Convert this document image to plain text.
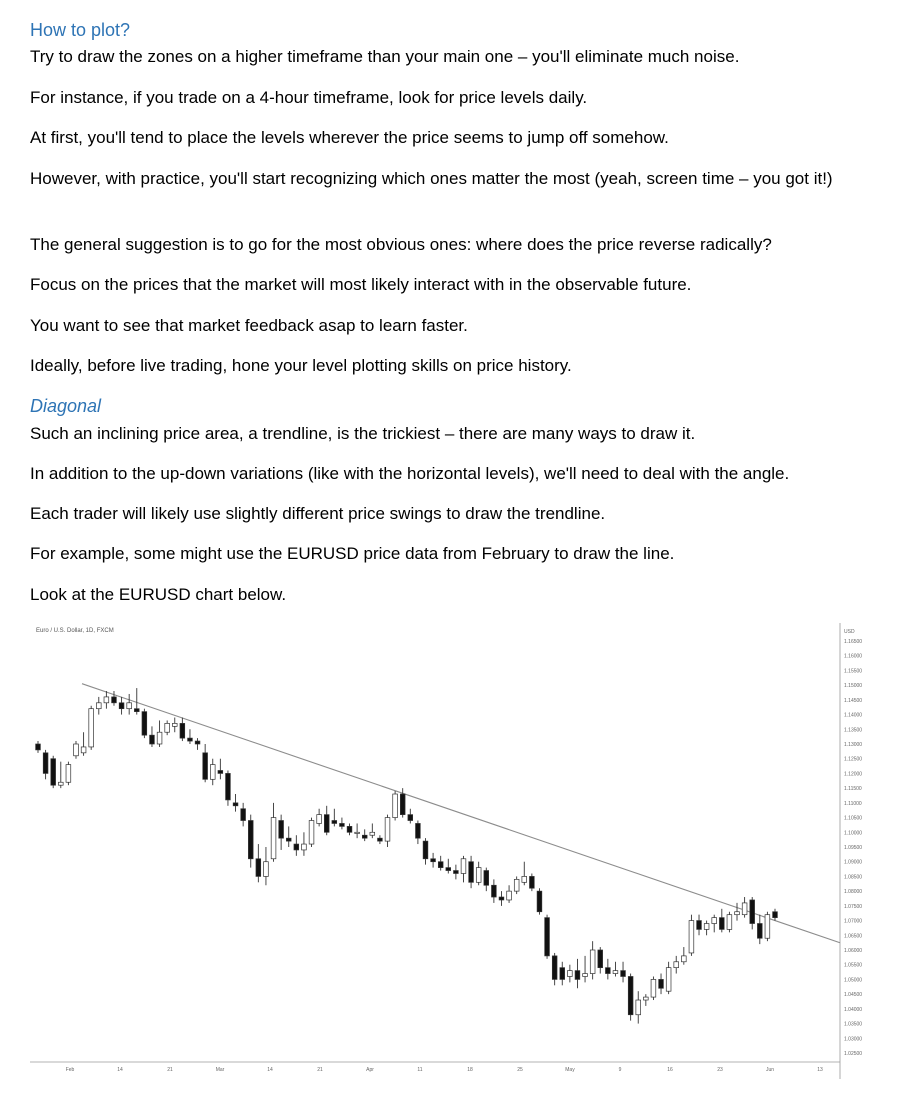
How to plot?
Try to draw the zones on a higher timeframe than your main one – you'll eliminate much noise.
For instance, if you trade on a 4-hour timeframe, look for price levels daily.
At first, you'll tend to place the levels wherever the price seems to jump off somehow.
However, with practice, you'll start recognizing which ones matter the most (yeah, screen time – you got it!)
The general suggestion is to go for the most obvious ones: where does the price reverse radically?
Focus on the prices that the market will most likely interact with in the observable future.
You want to see that market feedback asap to learn faster.
Ideally, before live trading, hone your level plotting skills on price history.
Diagonal
Such an inclining price area, a trendline, is the trickiest – there are many ways to draw it.
In addition to the up-down variations (like with the horizontal levels), we'll need to deal with the angle.
Each trader will likely use slightly different price swings to draw the trendline.
For example, some might use the EURUSD price data from February to draw the line.
Look at the EURUSD chart below.
Euro / U.S. Dollar, 1D, FXCM	USD
1.16500
1.16000
1.15500
1.15000
1.14500
1.14000
1.13500
1.13000
1.12500
1.12000
1.11500
1.11000
1.10500
1.10000
1.09500
1.09000
1.08500
1.08000
1.07500
1.07000
1.06500
1.06000
1.05500
1.05000
1.04500
1.04000
1.03500
1.03000
1.02500
Feb	14	21	Mar	14	21	Apr	11	18	25	May	9	16	23	Jun	13
